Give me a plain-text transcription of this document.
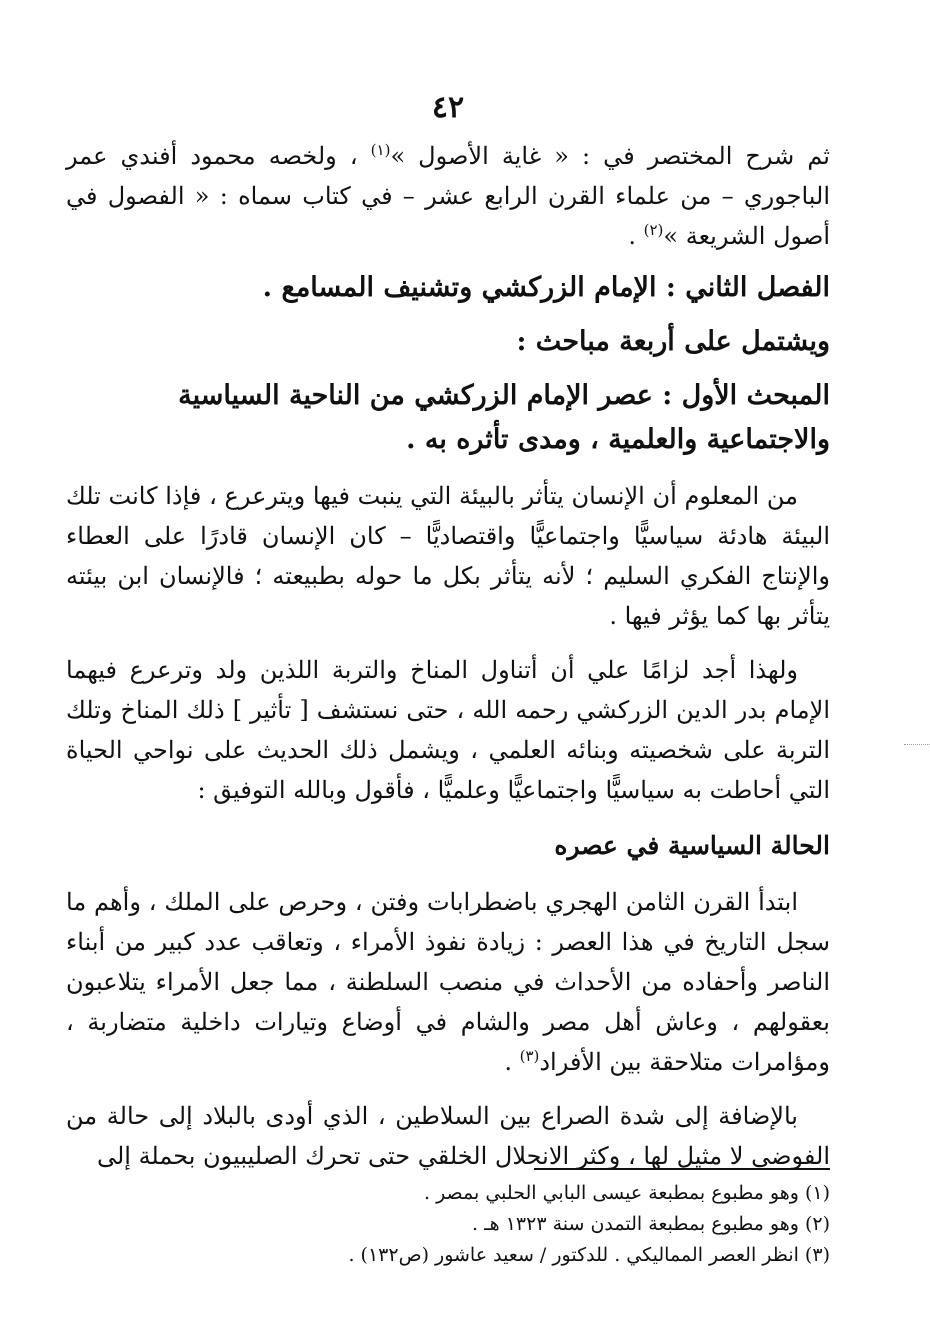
٤٢

ثم شرح المختصر في : « غاية الأصول »$^{(١)}$ ، ولخصه محمود أفندي عمر الباجوري – من علماء القرن الرابع عشر – في كتاب سماه : « الفصول في أصول الشريعة »$^{(٢)}$ .

الفصل الثاني : الإمام الزركشي وتشنيف المسامع .
ويشتمل على أربعة مباحث :
المبحث الأول : عصر الإمام الزركشي من الناحية السياسية والاجتماعية والعلمية ، ومدى تأثره به .

من المعلوم أن الإنسان يتأثر بالبيئة التي ينبت فيها ويترعرع ، فإذا كانت تلك البيئة هادئة سياسيًّا واجتماعيًّا واقتصاديًّا – كان الإنسان قادرًا على العطاء والإنتاج الفكري السليم ؛ لأنه يتأثر بكل ما حوله بطبيعته ؛ فالإنسان ابن بيئته يتأثر بها كما يؤثر فيها .

ولهذا أجد لزامًا علي أن أتناول المناخ والتربة اللذين ولد وترعرع فيهما الإمام بدر الدين الزركشي رحمه الله ، حتى نستشف [ تأثير ] ذلك المناخ وتلك التربة على شخصيته وبنائه العلمي ، ويشمل ذلك الحديث على نواحي الحياة التي أحاطت به سياسيًّا واجتماعيًّا وعلميًّا ، فأقول وبالله التوفيق :

الحالة السياسية في عصره

ابتدأ القرن الثامن الهجري باضطرابات وفتن ، وحرص على الملك ، وأهم ما سجل التاريخ في هذا العصر : زيادة نفوذ الأمراء ، وتعاقب عدد كبير من أبناء الناصر وأحفاده من الأحداث في منصب السلطنة ، مما جعل الأمراء يتلاعبون بعقولهم ، وعاش أهل مصر والشام في أوضاع وتيارات داخلية متضاربة ، ومؤامرات متلاحقة بين الأفراد$^{(٣)}$ .

بالإضافة إلى شدة الصراع بين السلاطين ، الذي أودى بالبلاد إلى حالة من الفوضى لا مثيل لها ، وكثر الانحلال الخلقي حتى تحرك الصليبيون بحملة إلى

(١) وهو مطبوع بمطبعة عيسى البابي الحلبي بمصر .

(٢) وهو مطبوع بمطبعة التمدن سنة ١٣٢٣ هـ .

(٣) انظر العصر المماليكي . للدكتور / سعيد عاشور (ص١٣٢) .
